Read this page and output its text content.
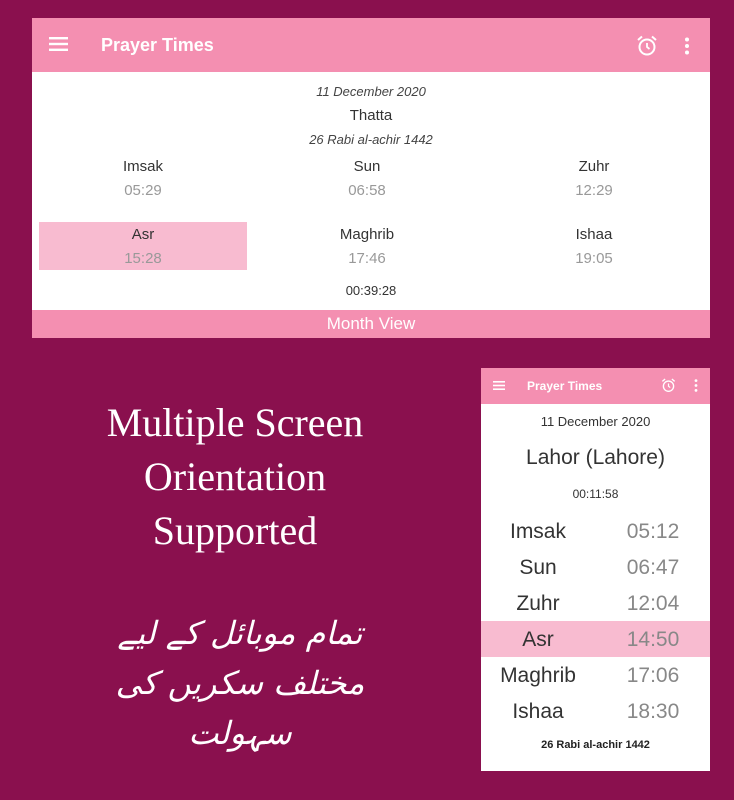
Prayer Times
11 December 2020
Thatta
26 Rabi al-achir 1442
Imsak
05:29
Sun
06:58
Zuhr
12:29
Asr
15:28
Maghrib
17:46
Ishaa
19:05
00:39:28
Month View
Multiple Screen
Orientation
Supported
تمام موبائل کے لیے
مختلف سکریں کی
سہولت
Prayer Times
11 December 2020
Lahor (Lahore)
00:11:58
Imsak	05:12
Sun	06:47
Zuhr	12:04
Asr	14:50
Maghrib	17:06
Ishaa	18:30
26 Rabi al-achir 1442
